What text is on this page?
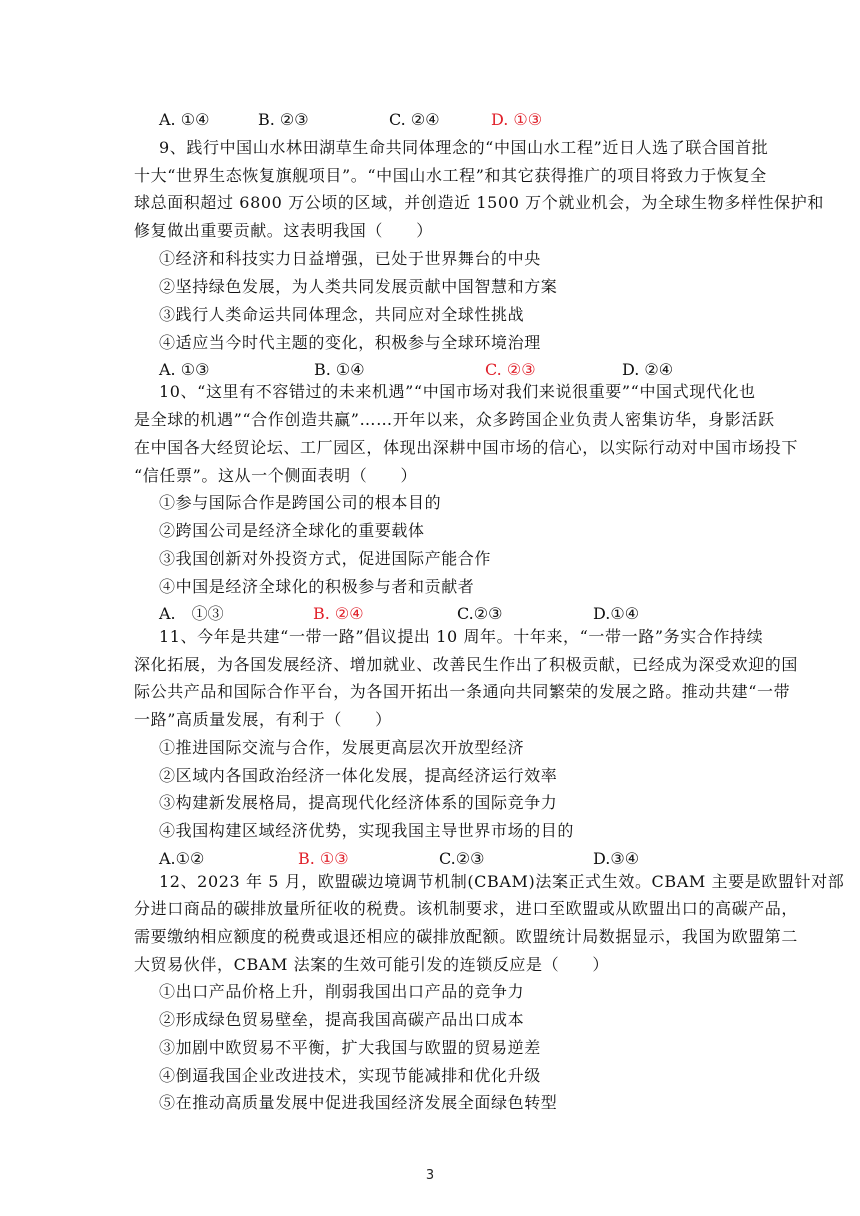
A. ①④	B. ②③	C. ②④	D. ①③
9、践行中国山水林田湖草生命共同体理念的“中国山水工程”近日人选了联合国首批
十大“世界生态恢复旗舰项目”。“中国山水工程”和其它获得推广的项目将致力于恢复全
球总面积超过 6800 万公顷的区域，并创造近 1500 万个就业机会，为全球生物多样性保护和
修复做出重要贡献。这表明我国（　　）
①经济和科技实力日益增强，已处于世界舞台的中央
②坚持绿色发展，为人类共同发展贡献中国智慧和方案
③践行人类命运共同体理念，共同应对全球性挑战
④适应当今时代主题的变化，积极参与全球环境治理
A. ①③	B. ①④	C. ②③	D. ②④
10、“这里有不容错过的未来机遇”“中国市场对我们来说很重要”“中国式现代化也
是全球的机遇”“合作创造共赢”……开年以来，众多跨国企业负责人密集访华，身影活跃
在中国各大经贸论坛、工厂园区，体现出深耕中国市场的信心，以实际行动对中国市场投下
“信任票”。这从一个侧面表明（　　）
①参与国际合作是跨国公司的根本目的
②跨国公司是经济全球化的重要载体
③我国创新对外投资方式，促进国际产能合作
④中国是经济全球化的积极参与者和贡献者
A.　①③	B. ②④	C.②③	D.①④
11、今年是共建“一带一路”倡议提出 10 周年。十年来，“一带一路”务实合作持续
深化拓展，为各国发展经济、增加就业、改善民生作出了积极贡献，已经成为深受欢迎的国
际公共产品和国际合作平台，为各国开拓出一条通向共同繁荣的发展之路。推动共建“一带
一路”高质量发展，有利于（　　）
①推进国际交流与合作，发展更高层次开放型经济
②区域内各国政治经济一体化发展，提高经济运行效率
③构建新发展格局，提高现代化经济体系的国际竞争力
④我国构建区域经济优势，实现我国主导世界市场的目的
A.①②	B. ①③	C.②③	D.③④
12、2023 年 5 月，欧盟碳边境调节机制(CBAM)法案正式生效。CBAM 主要是欧盟针对部
分进口商品的碳排放量所征收的税费。该机制要求，进口至欧盟或从欧盟出口的高碳产品，
需要缴纳相应额度的税费或退还相应的碳排放配额。欧盟统计局数据显示，我国为欧盟第二
大贸易伙伴，CBAM 法案的生效可能引发的连锁反应是（　　）
①出口产品价格上升，削弱我国出口产品的竞争力
②形成绿色贸易壁垒，提高我国高碳产品出口成本
③加剧中欧贸易不平衡，扩大我国与欧盟的贸易逆差
④倒逼我国企业改进技术，实现节能减排和优化升级
⑤在推动高质量发展中促进我国经济发展全面绿色转型
3
